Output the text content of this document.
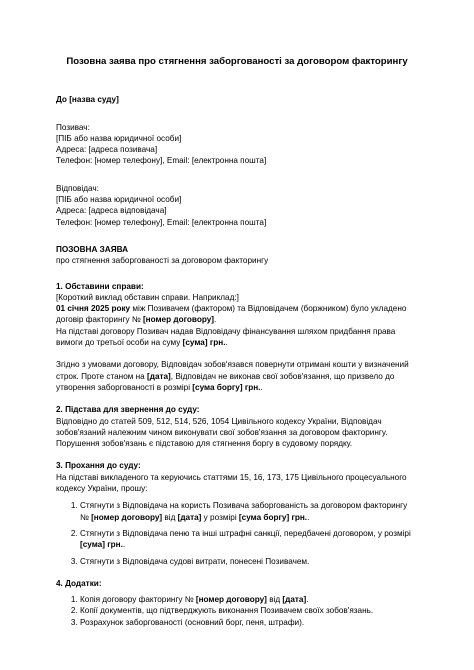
Позовна заява про стягнення заборгованості за договором факторингу

До [назва суду]

Позивач:

[ПІБ або назва юридичної особи]

Адреса: [адреса позивача]

Телефон: [номер телефону], Email: [електронна пошта]

Відповідач:

[ПІБ або назва юридичної особи]

Адреса: [адреса відповідача]

Телефон: [номер телефону], Email: [електронна пошта]

ПОЗОВНА ЗАЯВА

про стягнення заборгованості за договором факторингу

1. Обставини справи:

[Короткий виклад обставин справи. Наприклад:]

01 січня 2025 року між Позивачем (фактором) та Відповідачем (боржником) було укладено договір факторингу № [номер договору].
На підставі договору Позивач надав Відповідачу фінансування шляхом придбання права вимоги до третьої особи на суму [сума] грн..

Згідно з умовами договору, Відповідач зобов'язався повернути отримані кошти у визначений строк. Проте станом на [дата], Відповідач не виконав свої зобов'язання, що призвело до утворення заборгованості в розмірі [сума боргу] грн..

2. Підстава для звернення до суду:

Відповідно до статей 509, 512, 514, 526, 1054 Цивільного кодексу України, Відповідач зобов'язаний належним чином виконувати свої зобов'язання за договором факторингу. Порушення зобов'язань є підставою для стягнення боргу в судовому порядку.

3. Прохання до суду:

На підставі викладеного та керуючись статтями 15, 16, 173, 175 Цивільного процесуального кодексу України, прошу:

1. Стягнути з Відповідача на користь Позивача заборгованість за договором факторингу № [номер договору] від [дата] у розмірі [сума боргу] грн..
2. Стягнути з Відповідача пеню та інші штрафні санкції, передбачені договором, у розмірі [сума] грн..
3. Стягнути з Відповідача судові витрати, понесені Позивачем.

4. Додатки:

1. Копія договору факторингу № [номер договору] від [дата].
2. Копії документів, що підтверджують виконання Позивачем своїх зобов'язань.
3. Розрахунок заборгованості (основний борг, пеня, штрафи).
